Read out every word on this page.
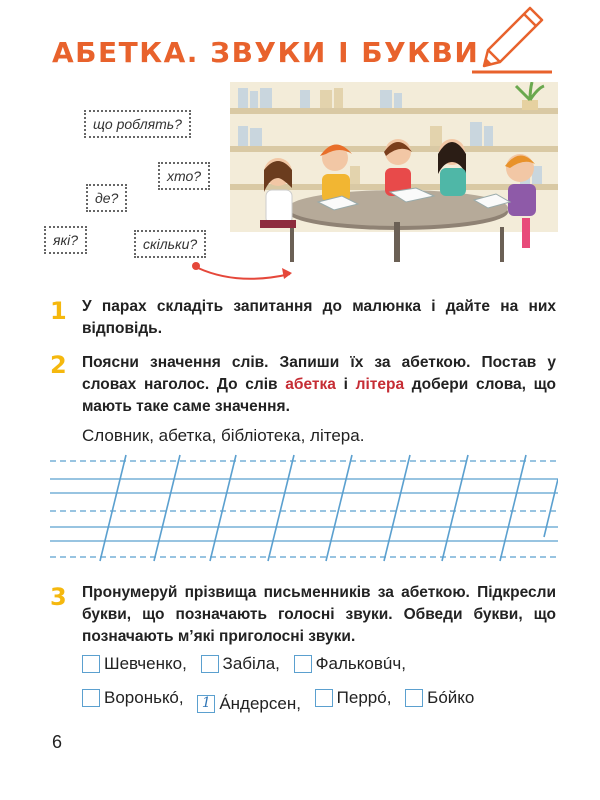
АБЕТКА. ЗВУКИ І БУКВИ
що роблять?
хто?
де?
які?	скільки?
1 У парах складіть запитання до малюнка і дайте на них відповідь.
2 Поясни значення слів. Запиши їх за абеткою. Постав у словах наголос. До слів абетка і літера добери слова, що мають таке саме значення.
Словник, абетка, бібліотека, літера.
3 Пронумеруй прізвища письменників за абеткою. Підкресли букви, що позначають голосні звуки. Обведи букви, що позначають м’які приголосні звуки.
Шевченко,
Забіла,
Фальковúч,
Воронькó,
	1 А́ндерсен,
Перрó,
Бóйко
6
